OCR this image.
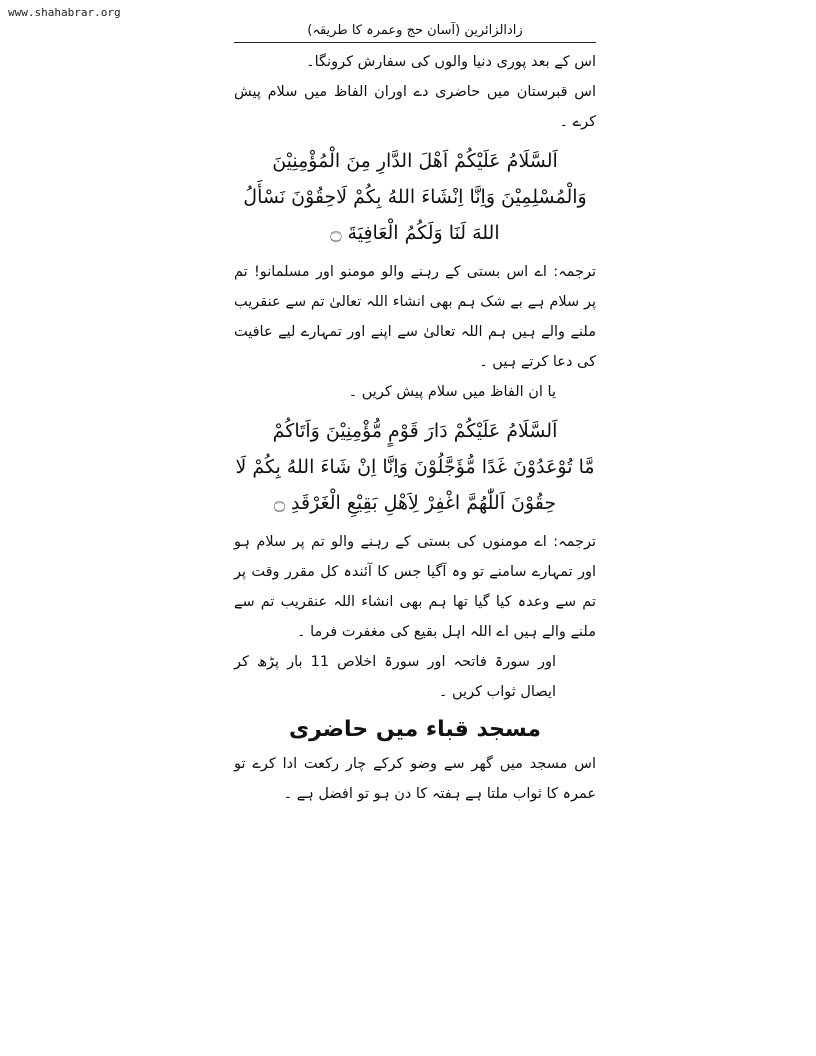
www.shahabrar.org
زادالزائرین (آسان حج وعمرہ کا طریقہ)

اس کے بعد پوری دنیا والوں کی سفارش کرونگا۔

اس قبرستان میں حاضری دے اوران الفاظ میں سلام پیش کرے ۔

اَلسَّلَامُ عَلَيْكُمْ اَهْلَ الدَّارِ مِنَ الْمُؤْمِنِيْنَ
وَالْمُسْلِمِيْنَ وَاِنَّا اِنْشَاءَ اللهُ بِكُمْ لَاحِقُوْنَ نَسْأَلُ
اللهَ لَنَا وَلَكُمُ الْعَافِيَةَ ۝

ترجمہ: اے اس بستی کے رہنے والو مومنو اور مسلمانو! تم پر سلام ہے بے شک ہم بھی انشاء اللہ تعالیٰ تم سے عنقریب ملنے والے ہیں ہم اللہ تعالیٰ سے اپنے اور تمہارے لیے عافیت کی دعا کرتے ہیں ۔

یا ان الفاظ میں سلام پیش کریں ۔

اَلسَّلَامُ عَلَيْكُمْ دَارَ قَوْمٍ مُّؤْمِنِيْنَ وَاَتَاكُمْ
مَّا تُوْعَدُوْنَ غَدًا مُّؤَجَّلُوْنَ وَاِنَّا اِنْ شَاءَ اللهُ بِكُمْ لَا
حِقُوْنَ اَللّٰهُمَّ اغْفِرْ لِاَهْلِ بَقِيْعِ الْغَرْقَدِ ۝

ترجمہ: اے مومنوں کی بستی کے رہنے والو تم پر سلام ہو اور تمہارے سامنے تو وہ آگیا جس کا آئندہ کل مقرر وقت پر تم سے وعدہ کیا گیا تھا ہم بھی انشاء اللہ عنقریب تم سے ملنے والے ہیں اے اللہ اہل بقیع کی مغفرت فرما ۔

اور سورۃ فاتحہ اور سورۃ اخلاص 11 بار پڑھ کر ایصال ثواب کریں ۔

مسجد قباء میں حاضری

اس مسجد میں گھر سے وضو کرکے چار رکعت ادا کرے تو عمرہ کا ثواب ملتا ہے ہفتہ کا دن ہو تو افضل ہے ۔
